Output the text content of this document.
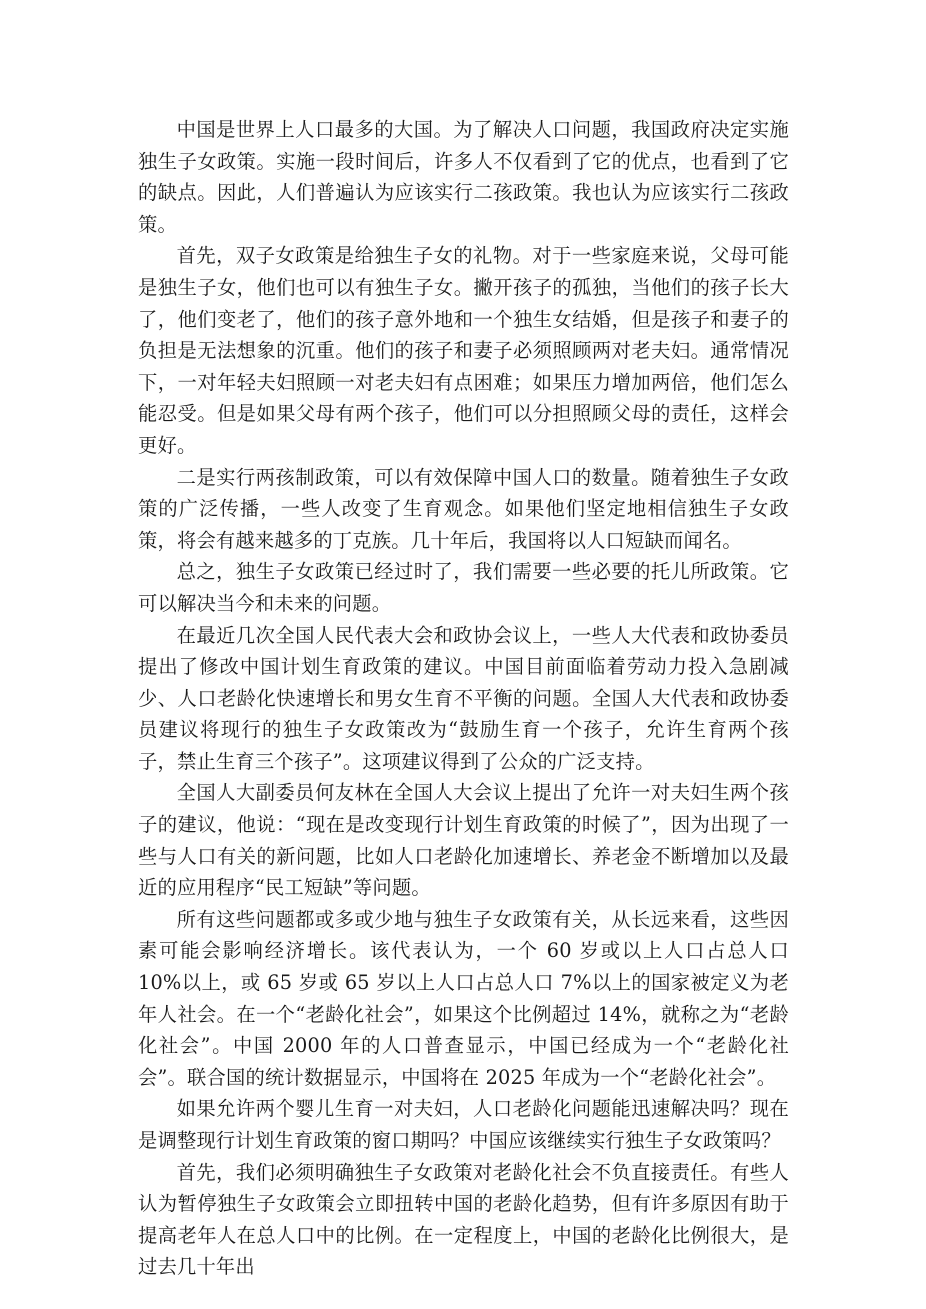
中国是世界上人口最多的大国。为了解决人口问题，我国政府决定实施独生子女政策。实施一段时间后，许多人不仅看到了它的优点，也看到了它的缺点。因此，人们普遍认为应该实行二孩政策。我也认为应该实行二孩政策。

首先，双子女政策是给独生子女的礼物。对于一些家庭来说，父母可能是独生子女，他们也可以有独生子女。撇开孩子的孤独，当他们的孩子长大了，他们变老了，他们的孩子意外地和一个独生女结婚，但是孩子和妻子的负担是无法想象的沉重。他们的孩子和妻子必须照顾两对老夫妇。通常情况下，一对年轻夫妇照顾一对老夫妇有点困难；如果压力增加两倍，他们怎么能忍受。但是如果父母有两个孩子，他们可以分担照顾父母的责任，这样会更好。

二是实行两孩制政策，可以有效保障中国人口的数量。随着独生子女政策的广泛传播，一些人改变了生育观念。如果他们坚定地相信独生子女政策，将会有越来越多的丁克族。几十年后，我国将以人口短缺而闻名。

总之，独生子女政策已经过时了，我们需要一些必要的托儿所政策。它可以解决当今和未来的问题。

在最近几次全国人民代表大会和政协会议上，一些人大代表和政协委员提出了修改中国计划生育政策的建议。中国目前面临着劳动力投入急剧减少、人口老龄化快速增长和男女生育不平衡的问题。全国人大代表和政协委员建议将现行的独生子女政策改为“鼓励生育一个孩子，允许生育两个孩子，禁止生育三个孩子”。这项建议得到了公众的广泛支持。

全国人大副委员何友林在全国人大会议上提出了允许一对夫妇生两个孩子的建议，他说：“现在是改变现行计划生育政策的时候了”，因为出现了一些与人口有关的新问题，比如人口老龄化加速增长、养老金不断增加以及最近的应用程序“民工短缺”等问题。

所有这些问题都或多或少地与独生子女政策有关，从长远来看，这些因素可能会影响经济增长。该代表认为，一个 60 岁或以上人口占总人口 10%以上，或 65 岁或 65 岁以上人口占总人口 7%以上的国家被定义为老年人社会。在一个“老龄化社会”，如果这个比例超过 14%，就称之为“老龄化社会”。中国 2000 年的人口普查显示，中国已经成为一个“老龄化社会”。联合国的统计数据显示，中国将在 2025 年成为一个“老龄化社会”。

如果允许两个婴儿生育一对夫妇，人口老龄化问题能迅速解决吗？现在是调整现行计划生育政策的窗口期吗？中国应该继续实行独生子女政策吗？

首先，我们必须明确独生子女政策对老龄化社会不负直接责任。有些人认为暂停独生子女政策会立即扭转中国的老龄化趋势，但有许多原因有助于提高老年人在总人口中的比例。在一定程度上，中国的老龄化比例很大，是过去几十年出
